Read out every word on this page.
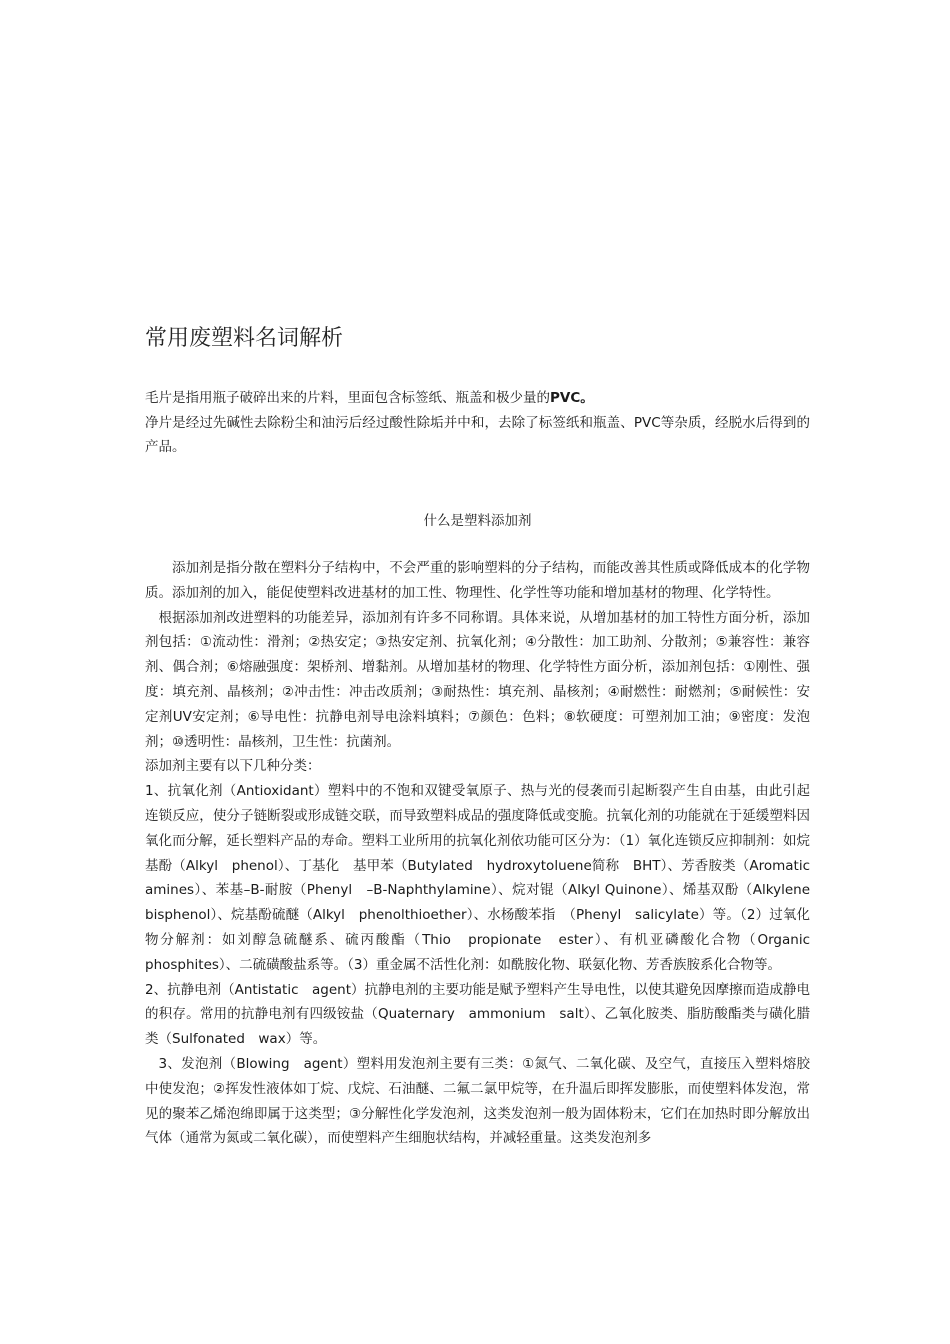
常用废塑料名词解析

毛片是指用瓶子破碎出来的片料，里面包含标签纸、瓶盖和极少量的PVC。

净片是经过先碱性去除粉尘和油污后经过酸性除垢并中和，去除了标签纸和瓶盖、PVC等杂质，经脱水后得到的产品。

什么是塑料添加剂

添加剂是指分散在塑料分子结构中，不会严重的影响塑料的分子结构，而能改善其性质或降低成本的化学物质。添加剂的加入，能促使塑料改进基材的加工性、物理性、化学性等功能和增加基材的物理、化学特性。

根据添加剂改进塑料的功能差异，添加剂有许多不同称谓。具体来说，从增加基材的加工特性方面分析，添加剂包括：①流动性：滑剂；②热安定；③热安定剂、抗氧化剂；④分散性：加工助剂、分散剂；⑤兼容性：兼容剂、偶合剂；⑥熔融强度：架桥剂、增黏剂。从增加基材的物理、化学特性方面分析，添加剂包括：①刚性、强度：填充剂、晶核剂；②冲击性：冲击改质剂；③耐热性：填充剂、晶核剂；④耐燃性：耐燃剂；⑤耐候性：安定剂UV安定剂；⑥导电性：抗静电剂导电涂料填料；⑦颜色：色料；⑧软硬度：可塑剂加工油；⑨密度：发泡剂；⑩透明性：晶核剂，卫生性：抗菌剂。

添加剂主要有以下几种分类：

1、抗氧化剂（Antioxidant）塑料中的不饱和双键受氧原子、热与光的侵袭而引起断裂产生自由基，由此引起连锁反应，使分子链断裂或形成链交联，而导致塑料成品的强度降低或变脆。抗氧化剂的功能就在于延缓塑料因氧化而分解，延长塑料产品的寿命。塑料工业所用的抗氧化剂依功能可区分为：（1）氧化连锁反应抑制剂：如烷基酚（Alkyl　phenol）、丁基化　基甲苯（Butylated　hydroxytoluene简称　BHT）、芳香胺类（Aromatic　amines）、苯基–B-耐胺（Phenyl　–B-Naphthylamine）、烷对锟（Alkyl Quinone）、烯基双酚（Alkylene　bisphenol）、烷基酚硫醚（Alkyl　phenolthioether）、水杨酸苯指　（Phenyl　salicylate）等。（2）过氧化物分解剂：如刘醇急硫醚系、硫丙酸酯（Thio　propionate　ester）、有机亚磷酸化合物（Organic　phosphites）、二硫磺酸盐系等。（3）重金属不活性化剂：如酰胺化物、联氨化物、芳香族胺系化合物等。

2、抗静电剂（Antistatic　agent）抗静电剂的主要功能是赋予塑料产生导电性，以使其避免因摩擦而造成静电的积存。常用的抗静电剂有四级铵盐（Quaternary　ammonium　salt）、乙氧化胺类、脂肪酸酯类与磺化腊类（Sulfonated　wax）等。

3、发泡剂（Blowing　agent）塑料用发泡剂主要有三类：①氮气、二氧化碳、及空气，直接压入塑料熔胶中使发泡；②挥发性液体如丁烷、戊烷、石油醚、二氟二氯甲烷等，在升温后即挥发膨胀，而使塑料体发泡，常见的聚苯乙烯泡绵即属于这类型；③分解性化学发泡剂，这类发泡剂一般为固体粉末，它们在加热时即分解放出气体（通常为氮或二氧化碳），而使塑料产生细胞状结构，并减轻重量。这类发泡剂多
